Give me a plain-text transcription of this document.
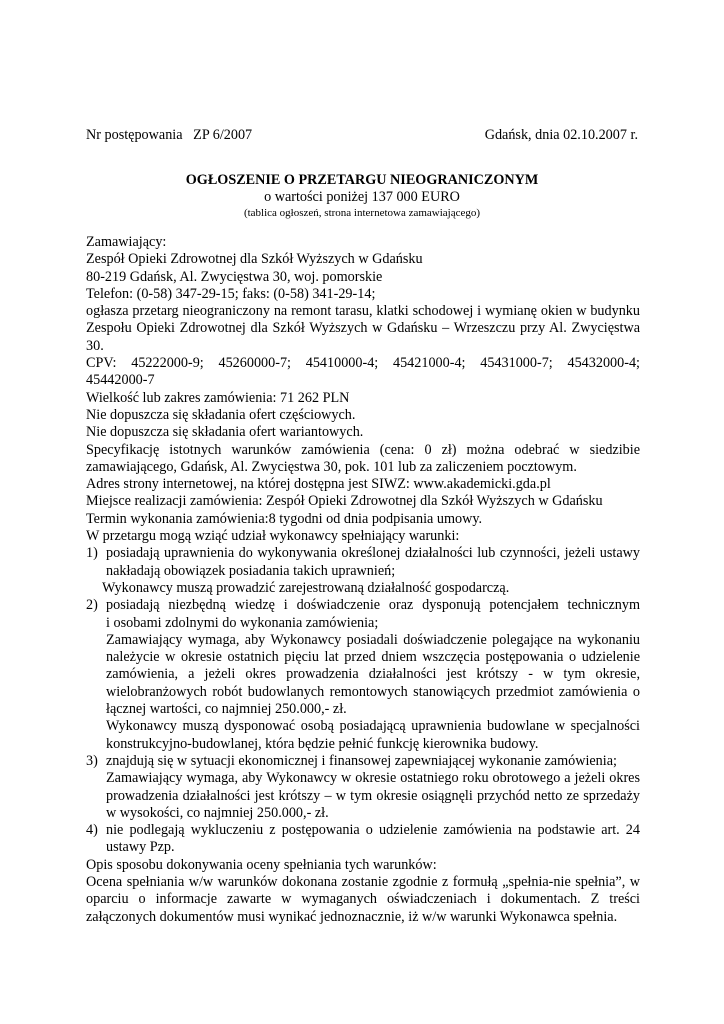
Nr postępowania   ZP 6/2007	Gdańsk, dnia 02.10.2007 r.
OGŁOSZENIE O PRZETARGU NIEOGRANICZONYM
o wartości poniżej 137 000 EURO
(tablica ogłoszeń, strona internetowa zamawiającego)

Zamawiający:

Zespół Opieki Zdrowotnej dla Szkół Wyższych w Gdańsku

80-219 Gdańsk, Al. Zwycięstwa 30, woj. pomorskie

Telefon: (0-58) 347-29-15; faks: (0-58) 341-29-14;

ogłasza przetarg nieograniczony na remont tarasu, klatki schodowej i wymianę okien w budynku

Zespołu Opieki Zdrowotnej dla Szkół Wyższych w Gdańsku – Wrzeszczu przy Al. Zwycięstwa

30.

CPV: 45222000-9; 45260000-7; 45410000-4; 45421000-4; 45431000-7; 45432000-4;

45442000-7

Wielkość lub zakres zamówienia: 71 262 PLN

Nie dopuszcza się składania ofert częściowych.

Nie dopuszcza się składania ofert wariantowych.

Specyfikację istotnych warunków zamówienia (cena: 0 zł) można odebrać w siedzibie

zamawiającego, Gdańsk, Al. Zwycięstwa 30, pok. 101 lub za zaliczeniem pocztowym.

Adres strony internetowej, na której dostępna jest SIWZ: www.akademicki.gda.pl

Miejsce realizacji zamówienia: Zespół Opieki Zdrowotnej dla Szkół Wyższych w Gdańsku

Termin wykonania zamówienia:8 tygodni od dnia podpisania umowy.

W przetargu mogą wziąć udział wykonawcy spełniający warunki:

1) posiadają uprawnienia do wykonywania określonej działalności lub czynności, jeżeli ustawy
nakładają obowiązek posiadania takich uprawnień;
Wykonawcy muszą prowadzić zarejestrowaną działalność gospodarczą.
2) posiadają niezbędną wiedzę i doświadczenie oraz dysponują potencjałem technicznym
i osobami zdolnymi do wykonania zamówienia;
Zamawiający wymaga, aby Wykonawcy posiadali doświadczenie polegające na wykonaniu
należycie w okresie ostatnich pięciu lat przed dniem wszczęcia postępowania o udzielenie
zamówienia, a jeżeli okres prowadzenia działalności jest krótszy - w tym okresie,
wielobranżowych robót budowlanych remontowych stanowiących przedmiot zamówienia o
łącznej wartości, co najmniej 250.000,- zł.
Wykonawcy muszą dysponować osobą posiadającą uprawnienia budowlane w specjalności
konstrukcyjno-budowlanej, która będzie pełnić funkcję kierownika budowy.
3) znajdują się w sytuacji ekonomicznej i finansowej zapewniającej wykonanie zamówienia;
Zamawiający wymaga, aby Wykonawcy w okresie ostatniego roku obrotowego a jeżeli okres
prowadzenia działalności jest krótszy – w tym okresie osiągnęli przychód netto ze sprzedaży
w wysokości, co najmniej 250.000,- zł.
4) nie podlegają wykluczeniu z postępowania o udzielenie zamówienia na podstawie art. 24
ustawy Pzp.

Opis sposobu dokonywania oceny spełniania tych warunków:

Ocena spełniania w/w warunków dokonana zostanie zgodnie z formułą „spełnia-nie spełnia”, w

oparciu o informacje zawarte w wymaganych oświadczeniach i dokumentach. Z treści

załączonych dokumentów musi wynikać jednoznacznie, iż w/w warunki Wykonawca spełnia.
